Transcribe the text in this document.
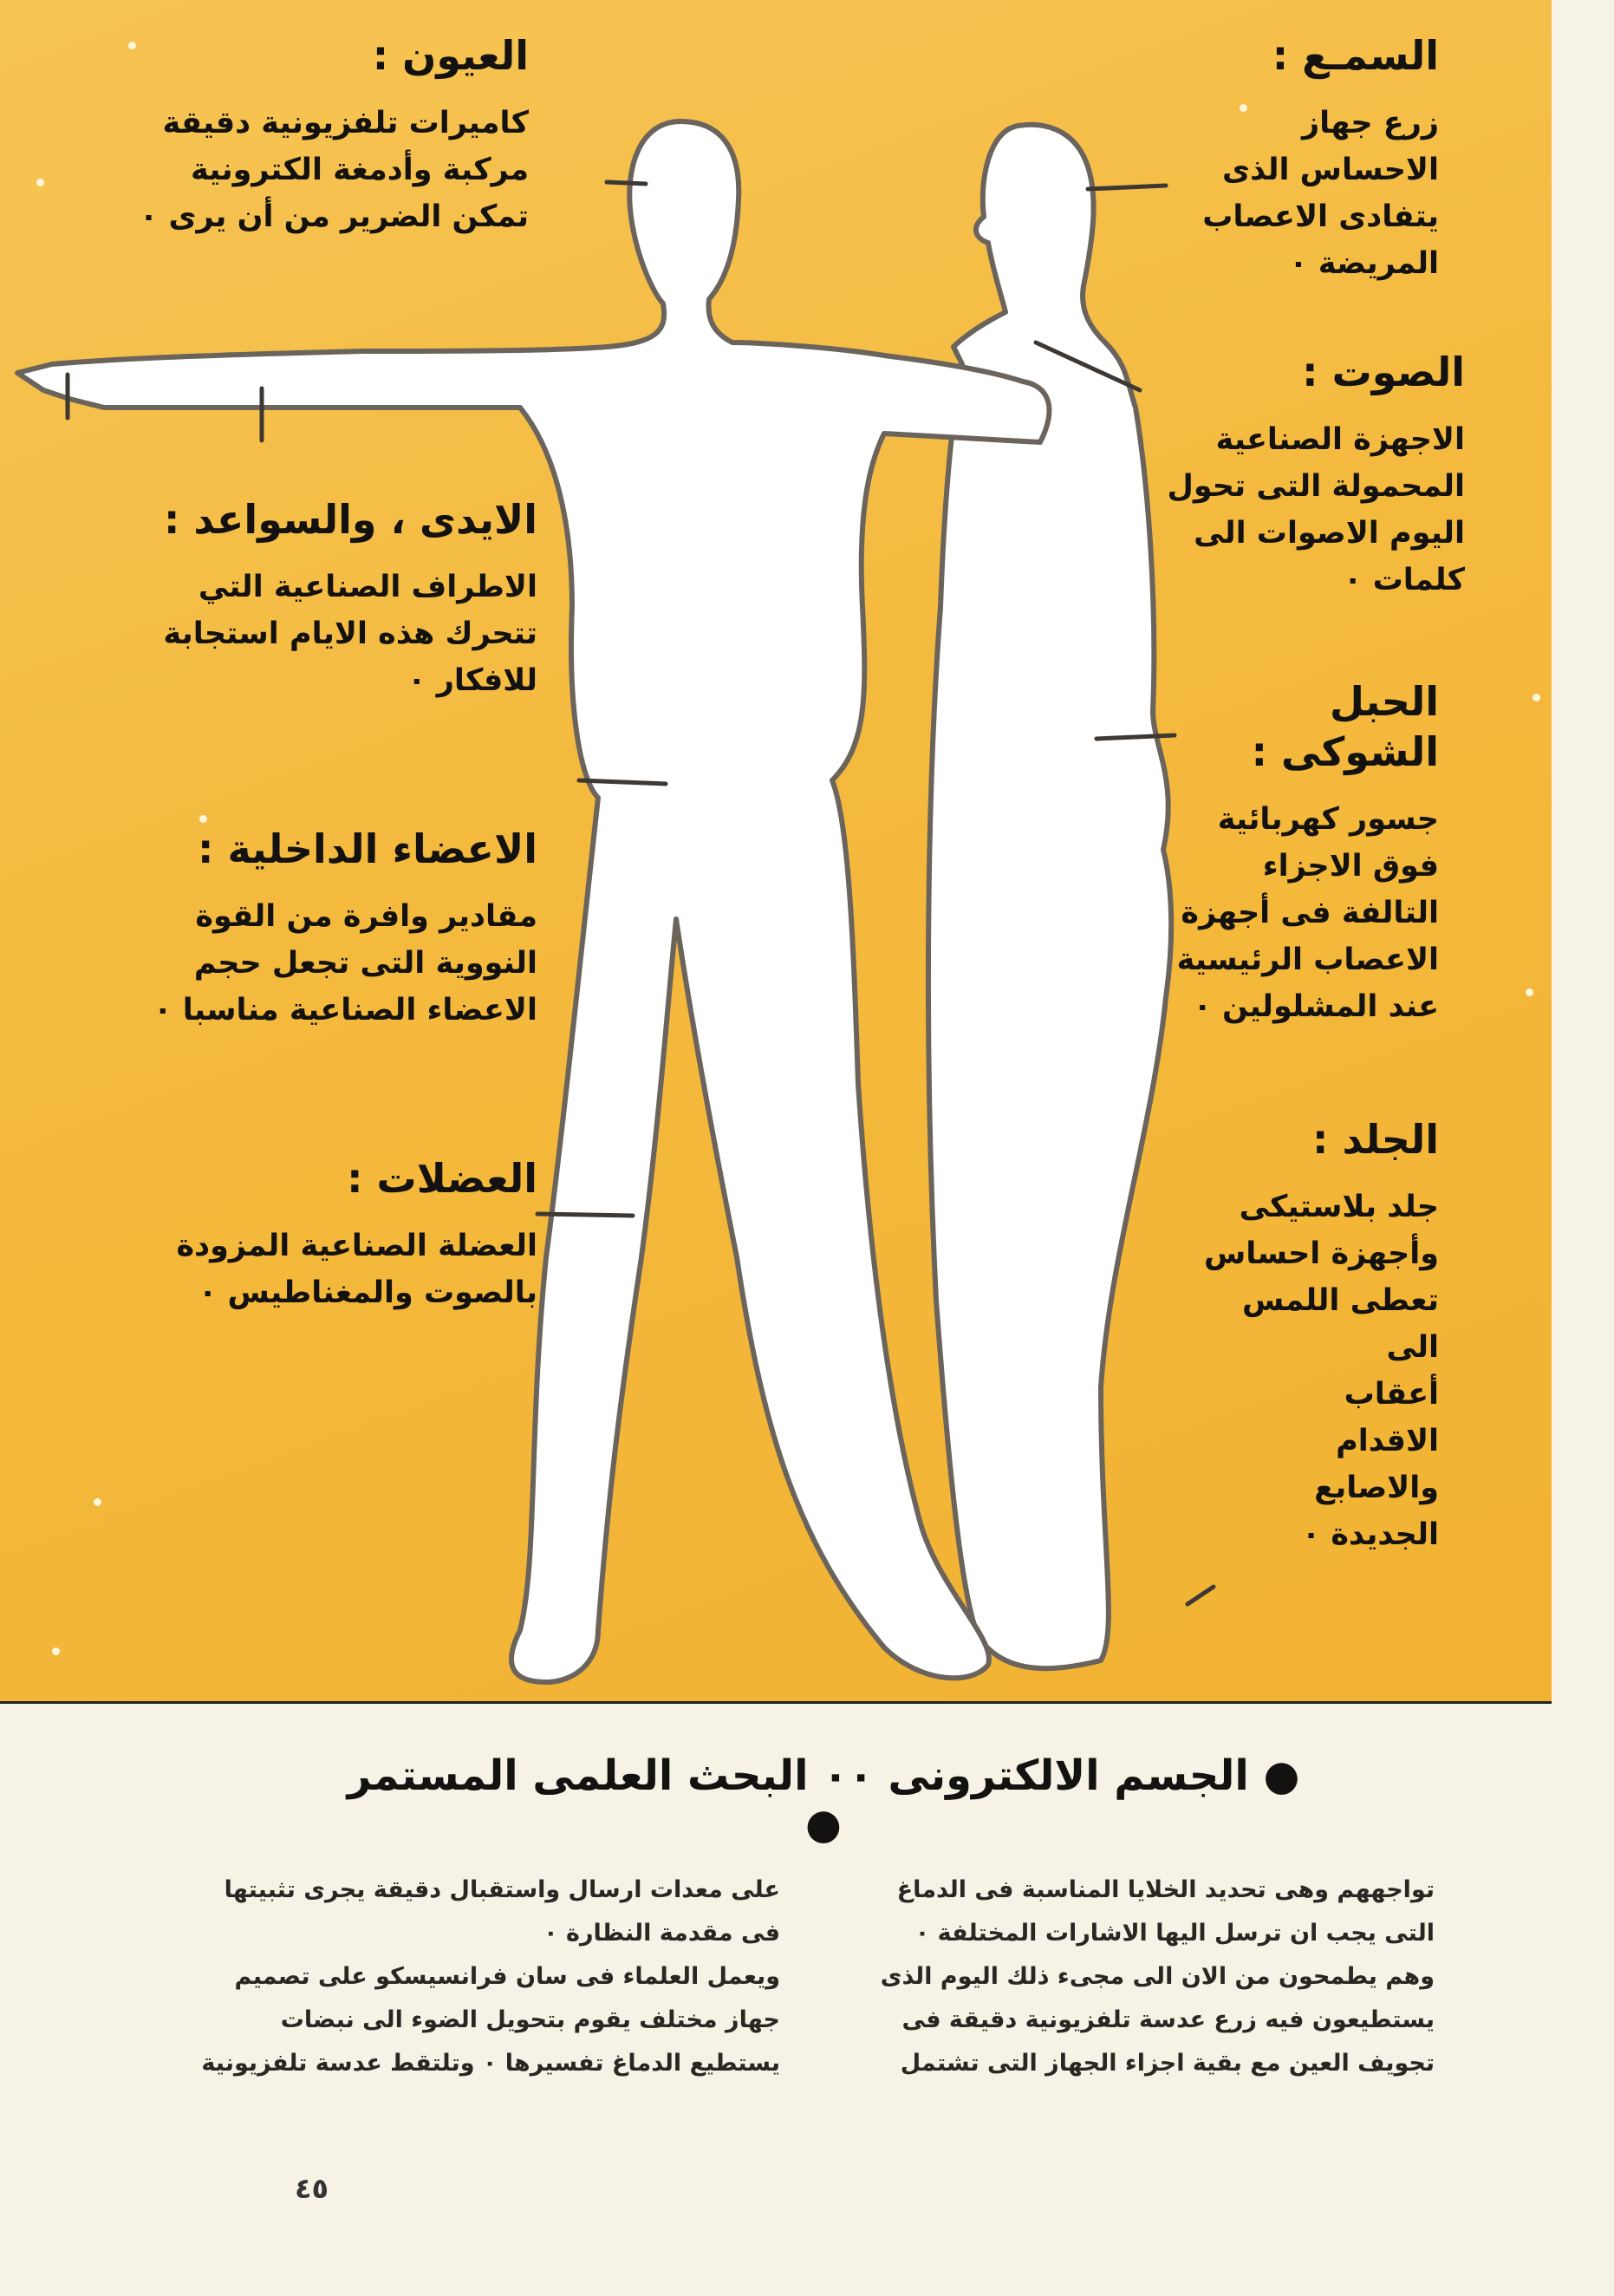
العيون :
كاميرات تلفزيونية دقيقة
مركبة وأدمغة الكترونية
تمكن الضرير من أن يرى ٠
السمـع :
زرع جهاز
الاحساس الذى
يتفادى الاعصاب
المريضة ٠
الصوت :
الاجهزة الصناعية
المحمولة التى تحول
اليوم الاصوات الى
كلمات ٠
الايدى ، والسواعد :
الاطراف الصناعية التي
تتحرك هذه الايام استجابة
للافكار ٠	الحبل
الشوكى :
جسور كهربائية
فوق الاجزاء
التالفة فى أجهزة
الاعصاب الرئيسية
عند المشلولين ٠
الاعضاء الداخلية :
مقادير وافرة من القوة
النووية التى تجعل حجم
الاعضاء الصناعية مناسبا ٠
الجلد :
جلد بلاستيكى
وأجهزة احساس
تعطى اللمس
الى
أعقاب
الاقدام
والاصابع
الجديدة ٠
العضلات :
العضلة الصناعية المزودة
بالصوت والمغناطيس ٠
● الجسم الالكترونى ٠٠ البحث العلمى المستمر ●
تواجههم وهى تحديد الخلايا المناسبة فى الدماغ
التى يجب ان ترسل اليها الاشارات المختلفة ٠
وهم يطمحون من الان الى مجىء ذلك اليوم الذى
يستطيعون فيه زرع عدسة تلفزيونية دقيقة فى
تجويف العين مع بقية اجزاء الجهاز التى تشتمل
على معدات ارسال واستقبال دقيقة يجرى تثبيتها
فى مقدمة النظارة ٠
ويعمل العلماء فى سان فرانسيسكو على تصميم
جهاز مختلف يقوم بتحويل الضوء الى نبضات
يستطيع الدماغ تفسيرها ٠ وتلتقط عدسة تلفزيونية
٤٥
